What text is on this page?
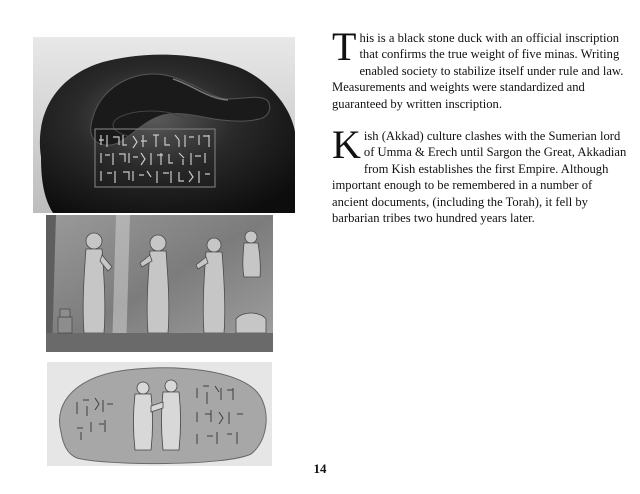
This is a black stone duck with an official inscription that confirms the true weight of five minas. Writing enabled society to stabilize itself under rule and law. Measurements and weights were standardized and guaranteed by written inscription.

Kish (Akkad) culture clashes with the Sumerian lord of Umma & Erech until Sargon the Great, Akkadian from Kish establishes the first Empire. Although important enough to be remembered in a number of ancient documents, (including the Torah), it fell by barbarian tribes two hundred years later.

14
